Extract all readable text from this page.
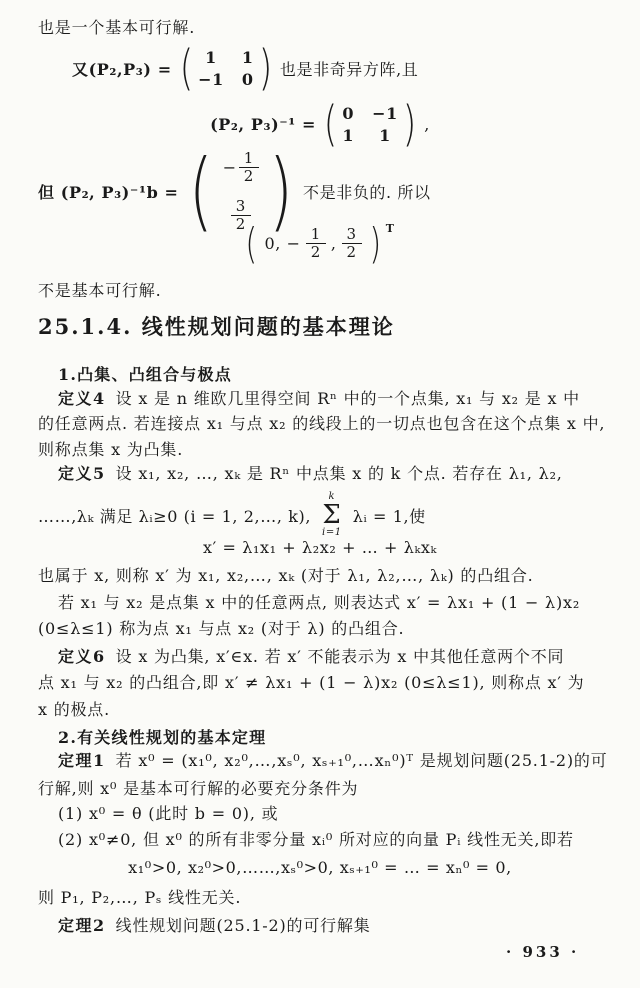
也是一个基本可行解.
又(P₂,P₃) = ( 1	1
−1 0 ) 也是非奇异方阵,且
(P₂, P₃)⁻¹ = ( 0 −1
1	1 ) ,
但 (P₂, P₃)⁻¹b = ( − $\frac{1}{2}$
$\frac{3}{2}$ ) 不是非负的. 所以
( 0, − $\frac{1}{2}$ , $\frac{3}{2}$ ) T
不是基本可行解.
25.1.4. 线性规划问题的基本理论
1.凸集、凸组合与极点
定义4 设 x 是 n 维欧几里得空间 Rⁿ 中的一个点集, x₁ 与 x₂ 是 x 中
的任意两点. 若连接点 x₁ 与点 x₂ 的线段上的一切点也包含在这个点集 x 中,
则称点集 x 为凸集.
定义5 设 x₁, x₂, …, xₖ 是 Rⁿ 中点集 x 的 k 个点. 若存在 λ₁, λ₂,
……,λₖ 满足 λᵢ≥0 (i = 1, 2,…, k),
k
Σ
i=1
λᵢ = 1,使
x′ = λ₁x₁ + λ₂x₂ + … + λₖxₖ
也属于 x, 则称 x′ 为 x₁, x₂,…, xₖ (对于 λ₁, λ₂,…, λₖ) 的凸组合.
若 x₁ 与 x₂ 是点集 x 中的任意两点, 则表达式 x′ = λx₁ + (1 − λ)x₂
(0≤λ≤1) 称为点 x₁ 与点 x₂ (对于 λ) 的凸组合.
定义6 设 x 为凸集, x′∈x. 若 x′ 不能表示为 x 中其他任意两个不同
点 x₁ 与 x₂ 的凸组合,即 x′ ≠ λx₁ + (1 − λ)x₂ (0≤λ≤1), 则称点 x′ 为
x 的极点.
2.有关线性规划的基本定理
定理1 若 x⁰ = (x₁⁰, x₂⁰,…,xₛ⁰, xₛ₊₁⁰,…xₙ⁰)ᵀ 是规划问题(25.1-2)的可
行解,则 x⁰ 是基本可行解的必要充分条件为
(1) x⁰ = θ (此时 b = 0), 或
(2) x⁰≠0, 但 x⁰ 的所有非零分量 xᵢ⁰ 所对应的向量 Pᵢ 线性无关,即若
x₁⁰>0, x₂⁰>0,……,xₛ⁰>0, xₛ₊₁⁰ = … = xₙ⁰ = 0,
则 P₁, P₂,…, Pₛ 线性无关.
定理2 线性规划问题(25.1-2)的可行解集
· 933 ·
